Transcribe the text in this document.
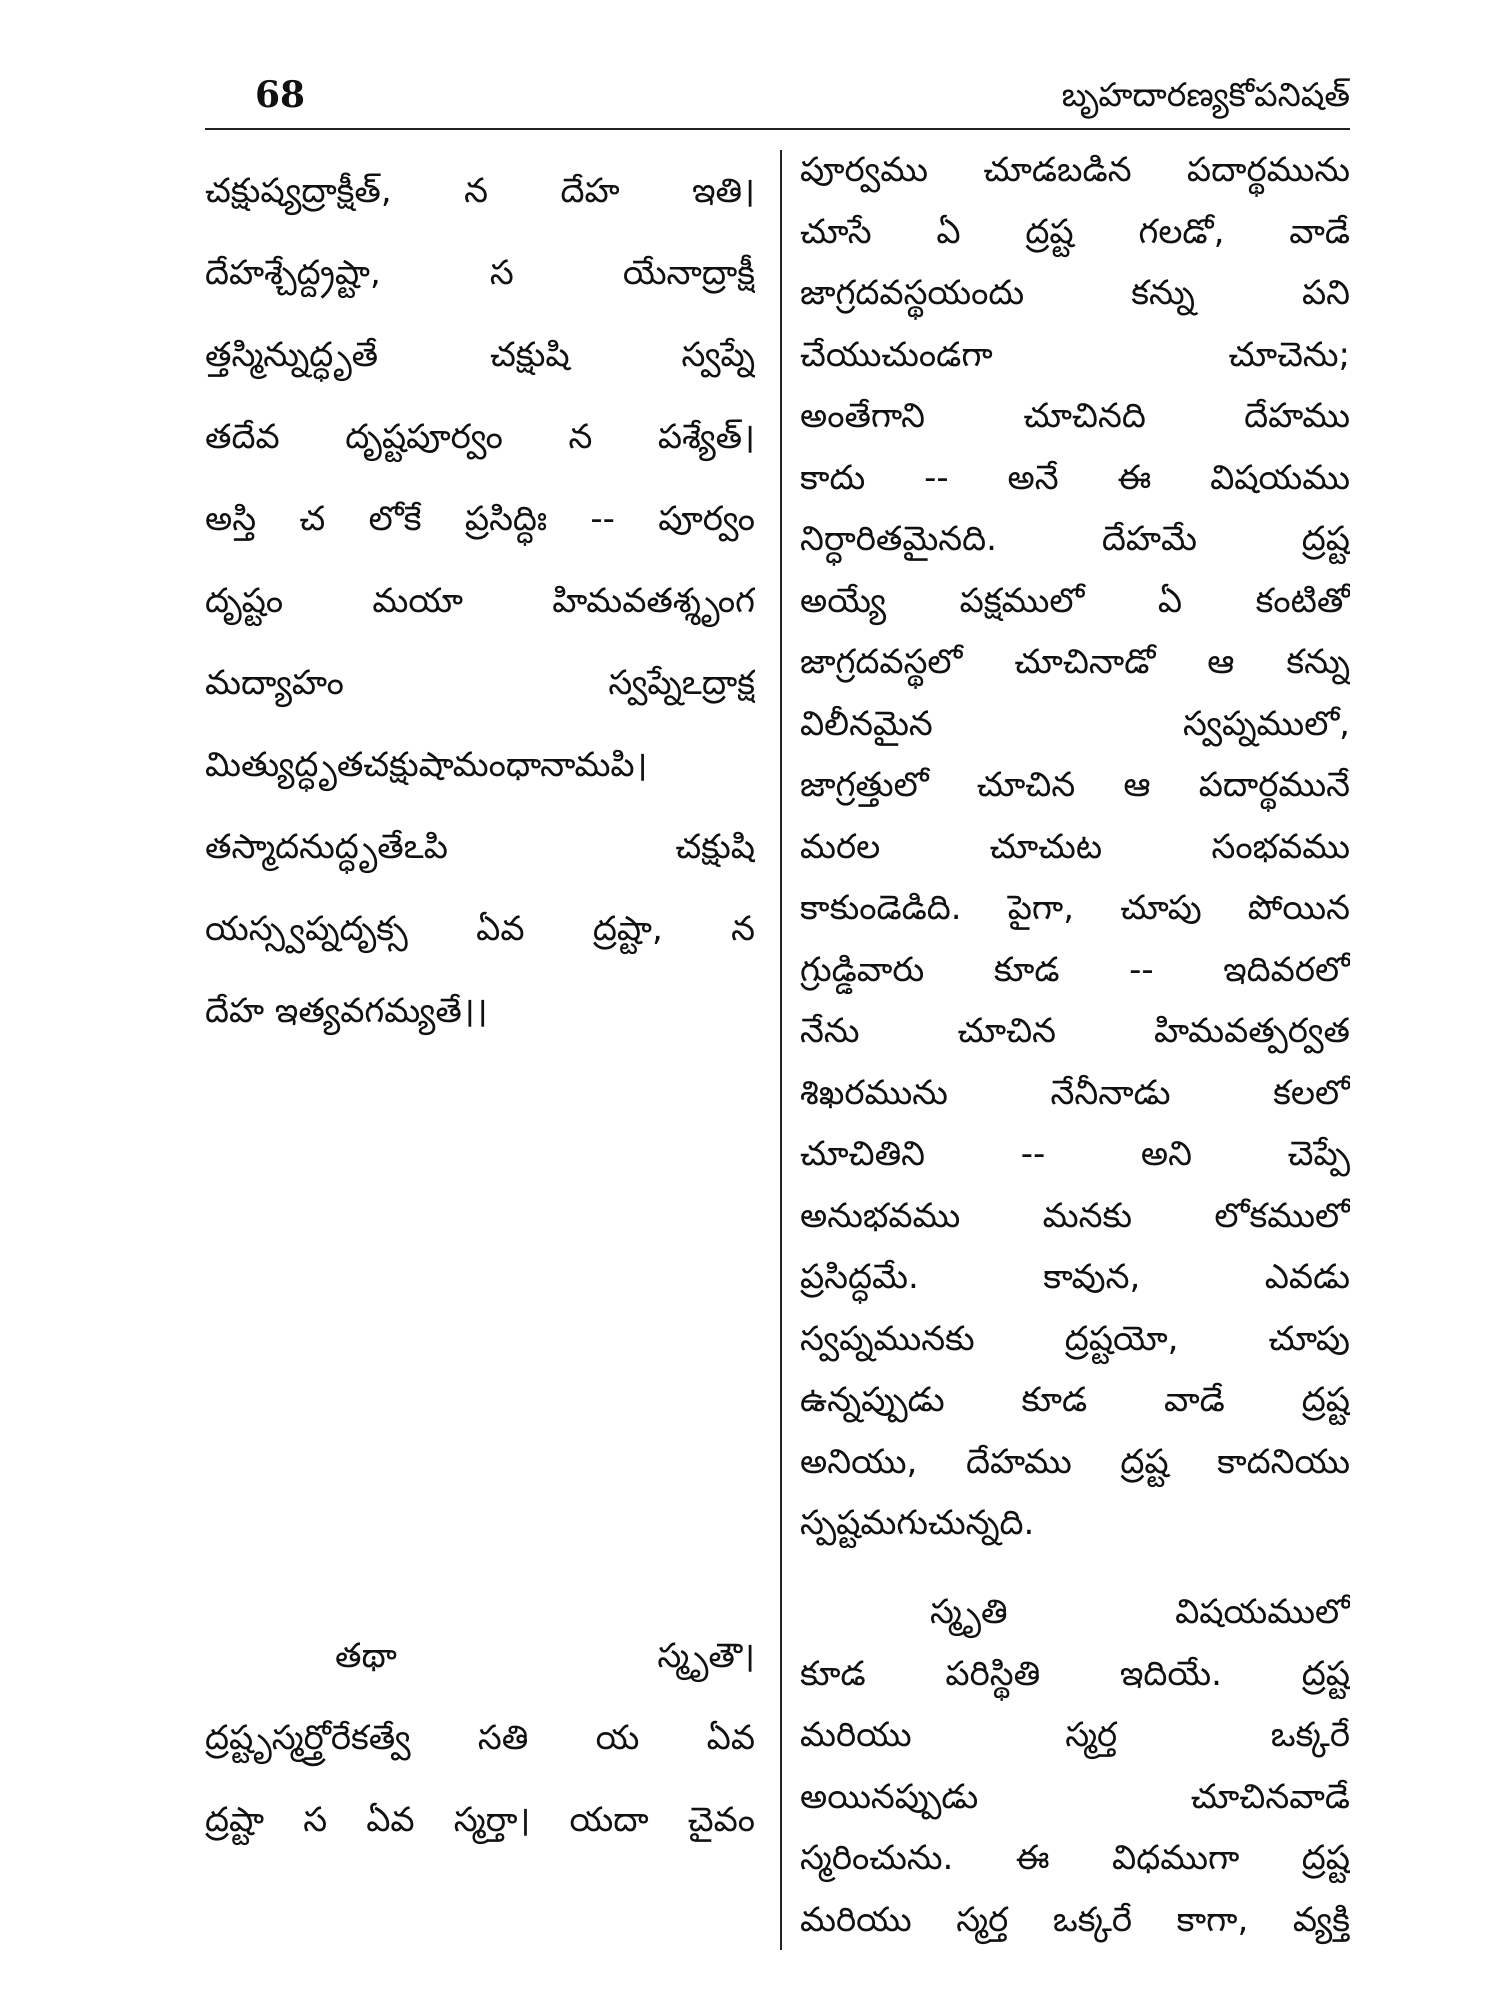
68	బృహదారణ్యకోపనిషత్
చక్షుష్యద్రాక్షీత్, న దేహ ఇతి।
దేహశ్చేద్ద్రష్టా, స యేనాద్రాక్షీ
త్తస్మిన్నుద్ధృతే చక్షుషి స్వప్నే
తదేవ దృష్టపూర్వం న పశ్యేత్।
అస్తి చ లోకే ప్రసిద్ధిః -- పూర్వం
దృష్టం మయా హిమవతశ్శృంగ
మద్యాహం స్వప్నేఽద్రాక్ష
మిత్యుద్ధృతచక్షుషామంధానామపి।
తస్మాదనుద్ధృతేఽపి చక్షుషి
యస్స్వప్నదృక్స ఏవ ద్రష్టా, న
దేహ ఇత్యవగమ్యతే।।
తథా స్మృతౌ।
ద్రష్టృస్మర్త్రోరేకత్వే సతి య ఏవ
ద్రష్టా స ఏవ స్మర్తా। యదా చైవం
పూర్వము చూడబడిన పదార్థమును
చూసే ఏ ద్రష్ట గలడో, వాడే
జాగ్రదవస్థయందు కన్ను పని
చేయుచుండగా చూచెను;
అంతేగాని చూచినది దేహము
కాదు -- అనే ఈ విషయము
నిర్ధారితమైనది. దేహమే ద్రష్ట
అయ్యే పక్షములో ఏ కంటితో
జాగ్రదవస్థలో చూచినాడో ఆ కన్ను
విలీనమైన స్వప్నములో,
జాగ్రత్తులో చూచిన ఆ పదార్థమునే
మరల చూచుట సంభవము
కాకుండెడిది. పైగా, చూపు పోయిన
గ్రుడ్డివారు కూడ -- ఇదివరలో
నేను చూచిన హిమవత్పర్వత
శిఖరమును నేనీనాడు కలలో
చూచితిని -- అని చెప్పే
అనుభవము మనకు లోకములో
ప్రసిద్ధమే. కావున, ఎవడు
స్వప్నమునకు ద్రష్టయో, చూపు
ఉన్నప్పుడు కూడ వాడే ద్రష్ట
అనియు, దేహము ద్రష్ట కాదనియు
స్పష్టమగుచున్నది.
స్మృతి విషయములో
కూడ పరిస్థితి ఇదియే. ద్రష్ట
మరియు స్మర్త ఒక్కరే
అయినప్పుడు చూచినవాడే
స్మరించును. ఈ విధముగా ద్రష్ట
మరియు స్మర్త ఒక్కరే కాగా, వ్యక్తి
